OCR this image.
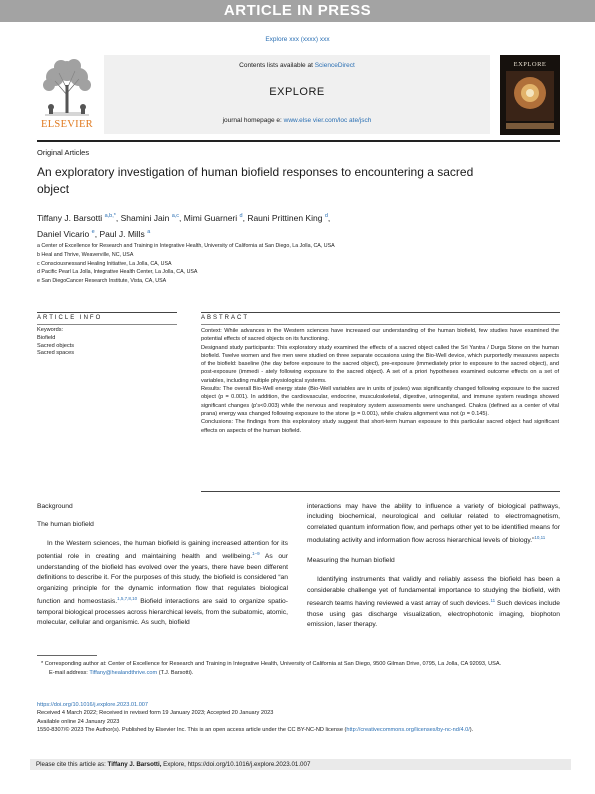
ARTICLE IN PRESS
Explore xxx (xxxx) xxx
ELSEVIER
Contents lists available at ScienceDirect
EXPLORE
journal homepage e: www.else vier.com/loc ate/jsch
EXPLORE
Original Articles
An exploratory investigation of human biofield responses to encountering a sacred object
Tiffany J. Barsotti $^{a,b,*}$, Shamini Jain $^{a,c}$, Mimi Guarneri $^d$, Rauni Prittinen King $^d$,
Daniel Vicario $^e$, Paul J. Mills $^a$
a Center of Excellence for Research and Training in Integrative Health, University of California at San Diego, La Jolla, CA, USA
b Heal and Thrive, Weaverville, NC, USA
c Consciousnessand Healing Initiative, La Jolla, CA, USA
d Pacific Pearl La Jolla, Integrative Health Center, La Jolla, CA, USA
e San DiegoCancer Research Institute, Vista, CA, USA
ARTICLE INFO	ABSTRACT
Keywords:
Biofield
Sacred objects
Sacred spaces
Context: While advances in the Western sciences have increased our understanding of the human biofield, few studies have examined the potential effects of sacred objects on its functioning.
Designand study participants: This exploratory study examined the effects of a sacred object called the Sri Yantra / Durga Stone on the human biofield. Twelve women and five men were studied on three separate occasions using the Bio-Well device, which purportedly measures aspects of the biofield: baseline (the day before exposure to the sacred object), pre-exposure (immediately prior to exposure to the sacred object), and post-exposure (immedi - ately following exposure to the sacred object). A set of a priori hypotheses examined outcome effects on a set of variables, including multiple physiological systems.
Results: The overall Bio-Well energy state (Bio-Well variables are in units of joules) was significantly changed following exposure to the sacred object (p = 0.001). In addition, the cardiovascular, endocrine, musculoskeletal, digestive, urinogenital, and immune system readings showed significant changes (p's<0.003) while the nervous and respiratory system assessments were unchanged. Chakra (defined as a center of vital prana) energy was changed following exposure to the stone (p = 0.001), while chakra alignment was not (p = 0.145).
Conclusions: The findings from this exploratory study suggest that short-term human exposure to this particular sacred object had significant effects on aspects of the human biofield.

Background

The human biofield

In the Western sciences, the human biofield is gaining increased attention for its potential role in creating and maintaining health and wellbeing.$^{1-9}$ As our understanding of the biofield has evolved over the years, there have been different definitions to describe it. For the purposes of this study, the biofield is considered “an organizing principle for the dynamic information flow that regulates biological function and homeostasis.$^{1,5,7,8,10}$ Biofield interactions are said to organize spatio-temporal biological processes across hierarchical levels, from the subatomic, atomic, molecular, cellular and organismic. As such, biofield

interactions may have the ability to influence a variety of biological pathways, including biochemical, neurological and cellular related to electromagnetism, correlated quantum information flow, and perhaps other yet to be identified means for modulating activity and information flow across hierarchical levels of biology.”$^{10,11}$

Measuring the human biofield

Identifying instruments that validly and reliably assess the biofield has been a considerable challenge yet of fundamental importance to studying the biofield, with research teams having reviewed a vast array of such devices.$^{11}$ Such devices include those using gas discharge visualization, electrophotonic imaging, biophoton emission, laser therapy.

* Corresponding author at: Center of Excellence for Research and Training in Integrative Health, University of California at San Diego, 9500 Gilman Drive, 0795, La Jolla, CA 92093, USA.
E-mail address: Tiffany@healandthrive.com (T.J. Barsotti).
https://doi.org/10.1016/j.explore.2023.01.007
Received 4 March 2022; Received in revised form 19 January 2023; Accepted 20 January 2023
Available online 24 January 2023
1550-8307/© 2023 The Author(s). Published by Elsevier Inc. This is an open access article under the CC BY-NC-ND license (http://creativecommons.org/licenses/by-nc-nd/4.0/).
Please cite this article as: Tiffany J. Barsotti, Explore, https://doi.org/10.1016/j.explore.2023.01.007
